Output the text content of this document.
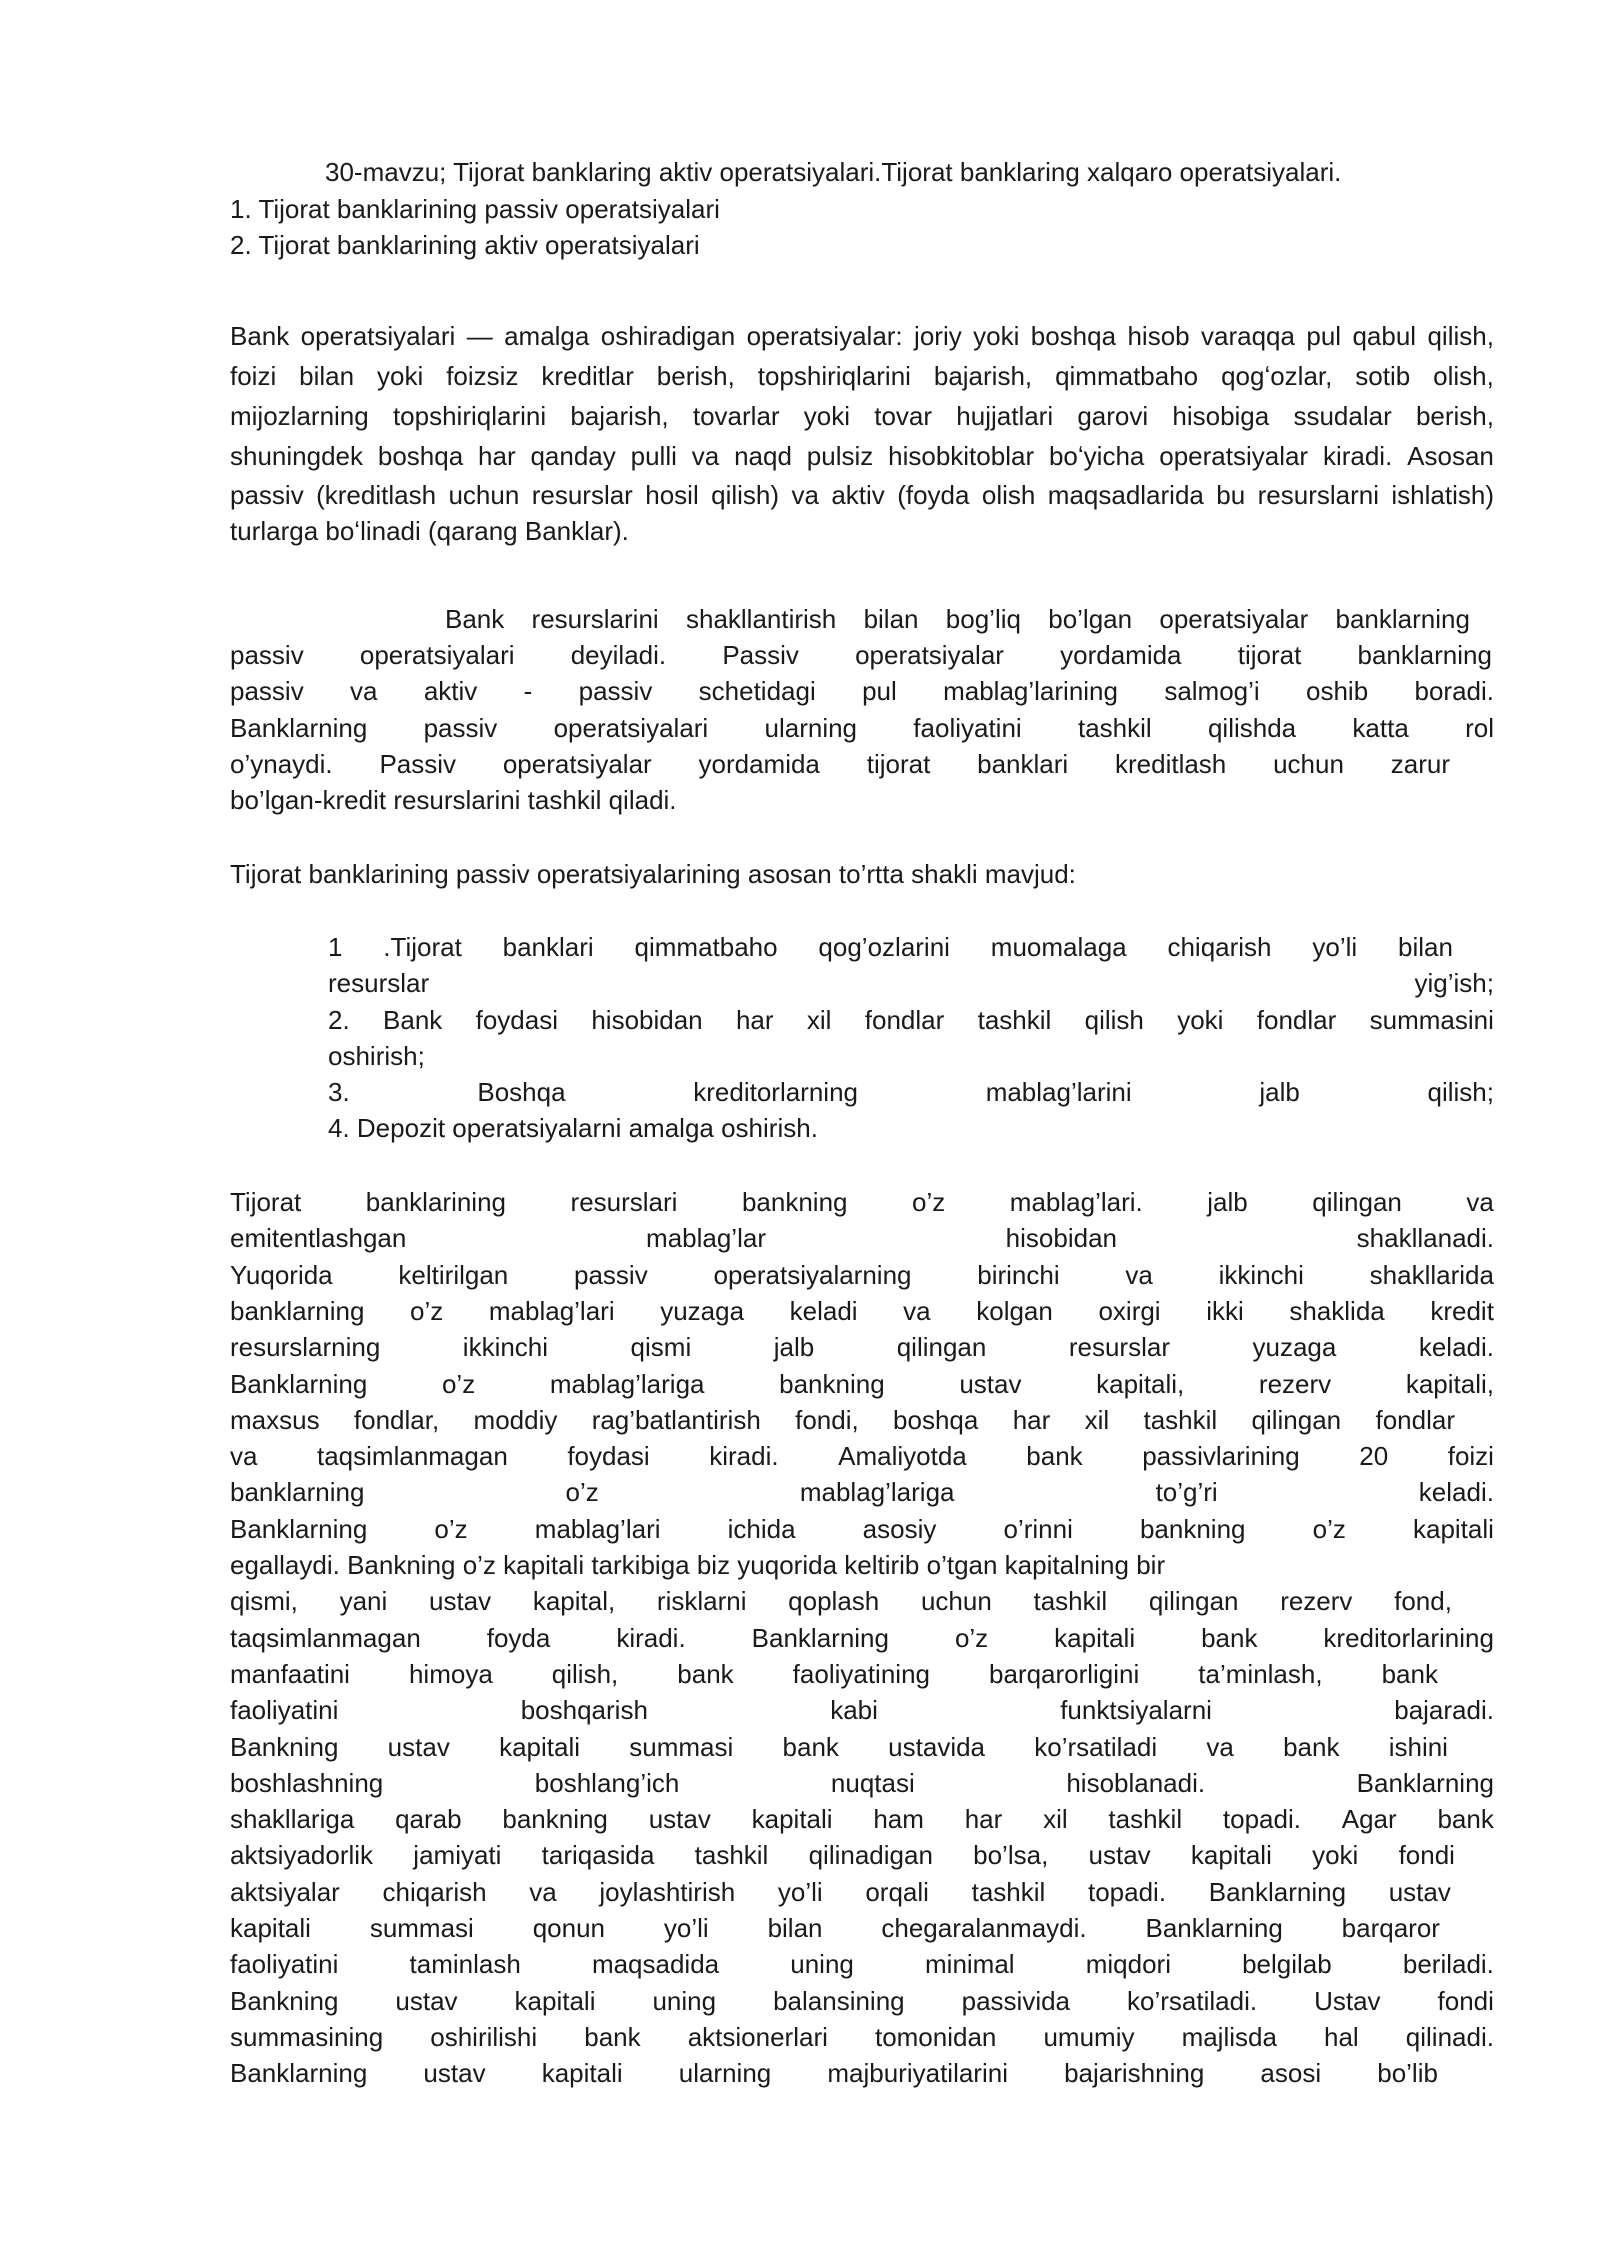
30-mavzu; Tijorat banklaring aktiv operatsiyalari.Tijorat banklaring xalqaro operatsiyalari.
1. Tijorat banklarining passiv operatsiyalari
2. Tijorat banklarining aktiv operatsiyalari
Bank operatsiyalari — amalga oshiradigan operatsiyalar: joriy yoki boshqa hisob varaqqa pul qabul qilish,
foizi bilan yoki foizsiz kreditlar berish, topshiriqlarini bajarish, qimmatbaho qogʻozlar, sotib olish,
mijozlarning topshiriqlarini bajarish, tovarlar yoki tovar hujjatlari garovi hisobiga ssudalar berish,
shuningdek boshqa har qanday pulli va naqd pulsiz hisobkitoblar boʻyicha operatsiyalar kiradi. Asosan
passiv (kreditlash uchun resurslar hosil qilish) va aktiv (foyda olish maqsadlarida bu resurslarni ishlatish)
turlarga boʻlinadi (qarang Banklar).
Bank resurslarini shakllantirish bilan bog’liq bo’lgan operatsiyalar banklarning
passiv operatsiyalari deyiladi. Passiv operatsiyalar yordamida tijorat banklarning
passiv va aktiv - passiv schetidagi pul mablag’larining salmog’i oshib boradi.
Banklarning passiv operatsiyalari ularning faoliyatini tashkil qilishda katta rol
o’ynaydi. Passiv operatsiyalar yordamida tijorat banklari kreditlash uchun zarur
bo’lgan-kredit resurslarini tashkil qiladi.
Tijorat banklarining passiv operatsiyalarining asosan to’rtta shakli mavjud:
1 .Tijorat banklari qimmatbaho qog’ozlarini muomalaga chiqarish yo’li bilan
resurslar	yig’ish;
2. Bank foydasi hisobidan har xil fondlar tashkil qilish yoki fondlar summasini
oshirish;
3.	Boshqa	kreditorlarning	mablag’larini	jalb	qilish;
4. Depozit operatsiyalarni amalga oshirish.
Tijorat banklarining resurslari bankning o’z mablag’lari. jalb qilingan va
emitentlashgan	mablag’lar	hisobidan	shakllanadi.
Yuqorida	keltirilgan	passiv	operatsiyalarning	birinchi	va	ikkinchi	shakllarida
banklarning o’z mablag’lari yuzaga keladi va kolgan oxirgi ikki shaklida kredit
resurslarning	ikkinchi	qismi	jalb	qilingan	resurslar	yuzaga	keladi.
Banklarning	o’z	mablag’lariga	bankning	ustav	kapitali,	rezerv	kapitali,
maxsus fondlar, moddiy rag’batlantirish fondi, boshqa har xil tashkil qilingan fondlar
va taqsimlanmagan foydasi kiradi. Amaliyotda bank passivlarining 20 foizi
banklarning	o’z	mablag’lariga	to’g’ri	keladi.
Banklarning	o’z	mablag’lari	ichida	asosiy	o’rinni	bankning	o’z	kapitali
egallaydi. Bankning o’z kapitali tarkibiga biz yuqorida keltirib o’tgan kapitalning bir
qismi, yani ustav kapital, risklarni qoplash uchun tashkil qilingan rezerv fond,
taqsimlanmagan	foyda	kiradi.	Banklarning	o’z	kapitali	bank	kreditorlarining
manfaatini himoya qilish, bank faoliyatining barqarorligini ta’minlash, bank
faoliyatini	boshqarish	kabi	funktsiyalarni	bajaradi.
Bankning ustav kapitali summasi bank ustavida ko’rsatiladi va bank ishini
boshlashning	boshlang’ich	nuqtasi	hisoblanadi.	Banklarning
shakllariga qarab bankning ustav kapitali ham har xil tashkil topadi. Agar bank
aktsiyadorlik jamiyati tariqasida tashkil qilinadigan bo’lsa, ustav kapitali yoki fondi
aktsiyalar chiqarish va joylashtirish yo’li orqali tashkil topadi. Banklarning ustav
kapitali summasi qonun yo’li bilan chegaralanmaydi. Banklarning barqaror
faoliyatini	taminlash	maqsadida	uning	minimal	miqdori	belgilab	beriladi.
Bankning ustav kapitali uning balansining passivida ko’rsatiladi. Ustav fondi
summasining oshirilishi bank aktsionerlari tomonidan umumiy majlisda hal qilinadi.
Banklarning ustav kapitali ularning majburiyatilarini bajarishning asosi bo’lib
